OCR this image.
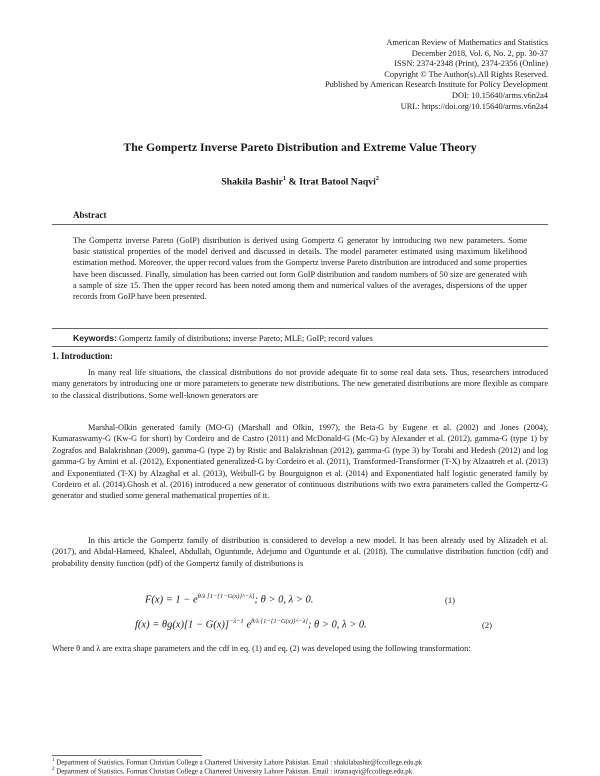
American Review of Mathematics and Statistics
December 2018, Vol. 6, No. 2, pp. 30-37
ISSN: 2374-2348 (Print), 2374-2356 (Online)
Copyright © The Author(s).All Rights Reserved.
Published by American Research Institute for Policy Development
DOI: 10.15640/arms.v6n2a4
URL: https://doi.org/10.15640/arms.v6n2a4
The Gompertz Inverse Pareto Distribution and Extreme Value Theory
Shakila Bashir$^1$ & Itrat Batool Naqvi$^2$
Abstract
The Gompertz inverse Pareto (GoIP) distribution is derived using Gompertz G generator by introducing two new parameters. Some basic statistical properties of the model derived and discussed in details. The model parameter estimated using maximum likelihood estimation method. Moreover, the upper record values from the Gompertz inverse Pareto distribution are introduced and some properties have been discussed. Finally, simulation has been carried out form GoIP distribution and random numbers of 50 size are generated with a sample of size 15. Then the upper record has been noted among them and numerical values of the averages, dispersions of the upper records from GoIP have been presented.
Keywords: Gompertz family of distributions; inverse Pareto; MLE; GoIP; record values
1. Introduction:
In many real life situations, the classical distributions do not provide adequate fit to some real data sets. Thus, researchers introduced many generators by introducing one or more parameters to generate new distributions. The new generated distributions are more flexible as compare to the classical distributions. Some well-known generators are
Marshal-Olkin generated family (MO-G) (Marshall and Olkin, 1997), the Beta-G by Eugene et al. (2002) and Jones (2004), Kumaraswamy-G (Kw-G for short) by Cordeiro and de Castro (2011) and McDonald-G (Mc-G) by Alexander et al. (2012), gamma-G (type 1) by Zografos and Balakrishnan (2009), gamma-G (type 2) by Ristic and Balakrishnan (2012), gamma-G (type 3) by Torabi and Hedesh (2012) and log gamma-G by Amini et al. (2012), Exponentiated generalized-G by Cordeiro et al. (2011), Transformed-Transformer (T-X) by Alzaatreh et al. (2013) and Exponentiated (T-X) by Alzaghal et al. (2013), Weibull-G by Bourguignon et al. (2014) and Exponentiated half logistic generated family by Cordeiro et al. (2014).Ghosh et al. (2016) introduced a new generator of continuous distributions with two extra parameters called the Gompertz-G generator and studied some general mathematical properties of it.
In this article the Gompertz family of distribution is considered to develop a new model. It has been already used by Alizadeh et al. (2017), and Abdal-Hameed, Khaleel, Abdullah, Oguntunde, Adejumo and Oguntunde et al. (2018). The cumulative distribution function (cdf) and probability density function (pdf) of the Gompertz family of distributions is
$F(x) = 1 - e^{\theta/\lambda [1-\{1-G(x)\}\^{}-\lambda]}$; θ > 0, λ > 0.	(1)
$f(x) = \theta g(x)[1 - G(x)]^{-\lambda-1}$ $e^{\theta/\lambda [1-\{1-G(x)\}\^{}-\lambda]}$; θ > 0, λ > 0.	(2)
Where θ and λ are extra shape parameters and the cdf in eq. (1) and eq. (2) was developed using the following transformation:
$^1$ Department of Statistics, Forman Christian College a Chartered University Lahore Pakistan. Email : shakilabashir@fccollege.edu.pk
$^2$ Department of Statistics, Forman Christian College a Chartered University Lahore Pakistan. Email : itratnaqvi@fccollege.edu.pk
